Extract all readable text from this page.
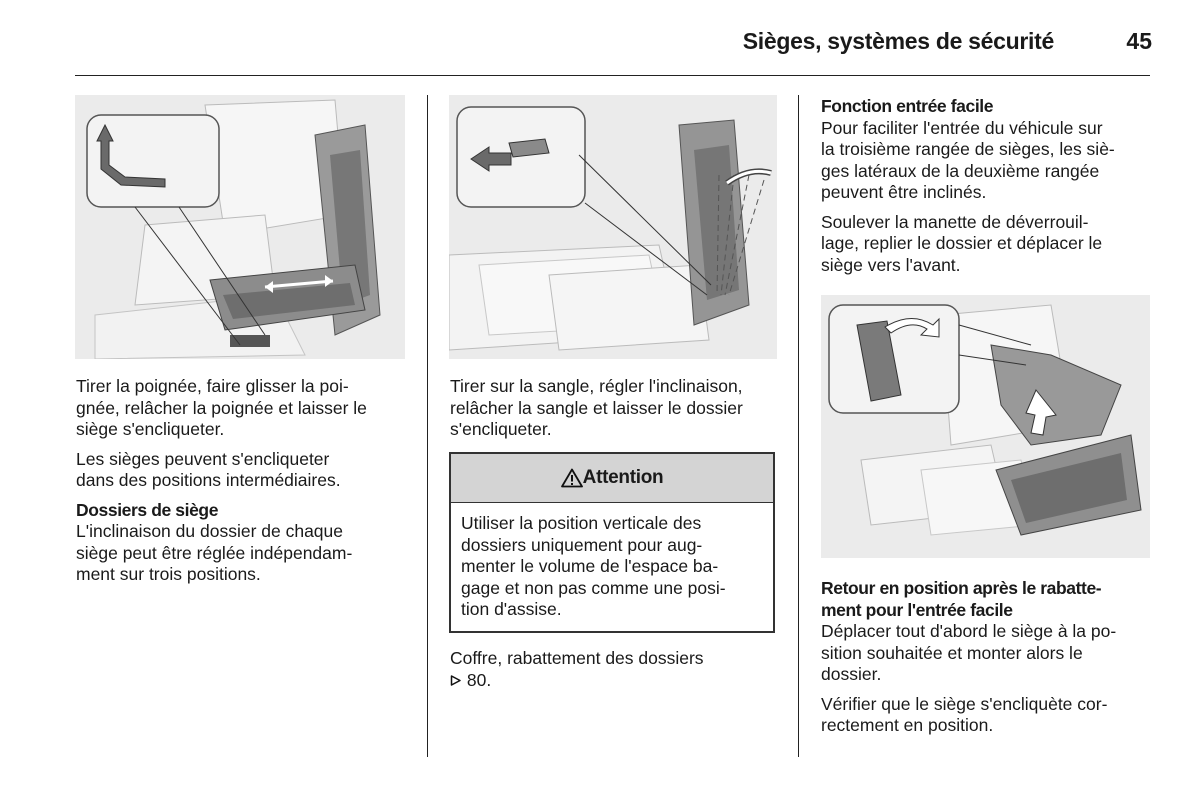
Sièges, systèmes de sécurité	45

Tirer la poignée, faire glisser la poi-
gnée, relâcher la poignée et laisser le
siège s'encliqueter.

Les sièges peuvent s'encliqueter
dans des positions intermédiaires.

Dossiers de siège
L'inclinaison du dossier de chaque
siège peut être réglée indépendam-
ment sur trois positions.

Tirer sur la sangle, régler l'inclinaison,
relâcher la sangle et laisser le dossier
s'encliqueter.

Attention
Utiliser la position verticale des
dossiers uniquement pour aug-
menter le volume de l'espace ba-
gage et non pas comme une posi-
tion d'assise.
Coffre, rabattement des dossiers
80.

Fonction entrée facile
Pour faciliter l'entrée du véhicule sur
la troisième rangée de sièges, les siè-
ges latéraux de la deuxième rangée
peuvent être inclinés.

Soulever la manette de déverrouil-
lage, replier le dossier et déplacer le
siège vers l'avant.

Retour en position après le rabatte-
ment pour l'entrée facile
Déplacer tout d'abord le siège à la po-
sition souhaitée et monter alors le
dossier.

Vérifier que le siège s'encliquète cor-
rectement en position.
